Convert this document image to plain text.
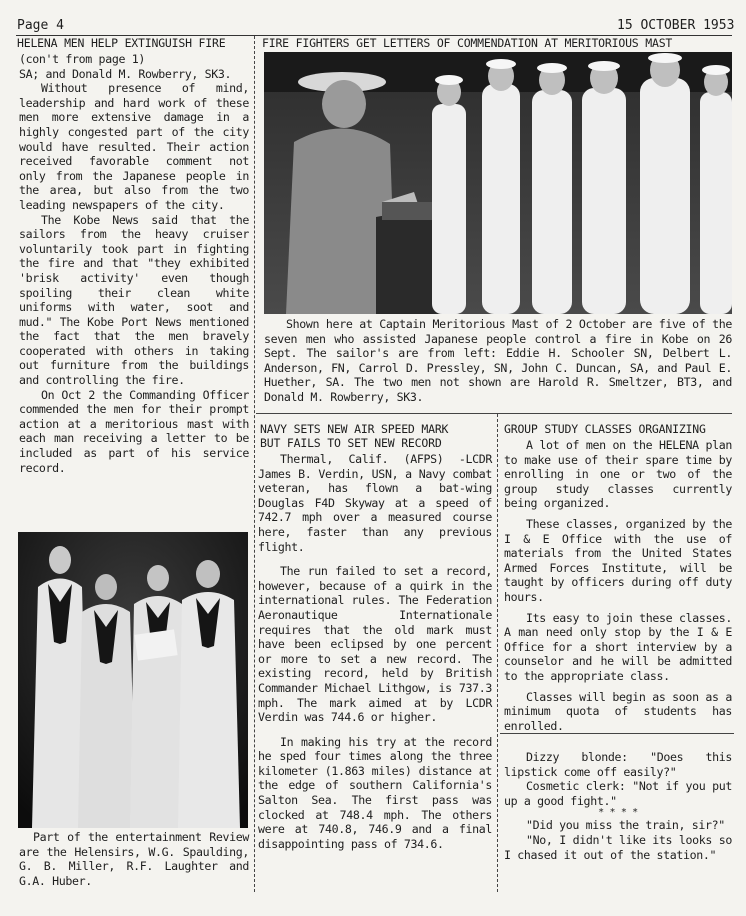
Page 4	15 OCTOBER 1953
HELENA MEN HELP EXTINGUISH FIRE

(con't from page 1)

SA; and Donald M. Rowberry, SK3.

Without presence of mind, leadership and hard work of these men more extensive damage in a highly congested part of the city would have resulted. Their action received favorable comment not only from the Japanese people in the area, but also from the two leading newspapers of the city.

The Kobe News said that the sailors from the heavy cruiser voluntarily took part in fighting the fire and that "they exhibited 'brisk activity' even though spoiling their clean white uniforms with water, soot and mud." The Kobe Port News mentioned the fact that the men bravely cooperated with others in taking out furniture from the buildings and controlling the fire.

On Oct 2 the Commanding Officer commended the men for their prompt action at a meritorious mast with each man receiving a letter to be included as part of his service record.

Part of the entertainment Review are the Helensirs, W.G. Spaulding, G. B. Miller, R.F. Laughter and G.A. Huber.

FIRE FIGHTERS GET LETTERS OF COMMENDATION AT MERITORIOUS MAST

Shown here at Captain Meritorious Mast of 2 October are five of the seven men who assisted Japanese people control a fire in Kobe on 26 Sept. The sailor's are from left: Eddie H. Schooler SN, Delbert L. Anderson, FN, Carrol D. Pressley, SN, John C. Duncan, SA, and Paul E. Huether, SA. The two men not shown are Harold R. Smeltzer, BT3, and Donald M. Rowberry, SK3.

NAVY SETS NEW AIR SPEED MARK
BUT FAILS TO SET NEW RECORD

Thermal, Calif. (AFPS) -LCDR James B. Verdin, USN, a Navy combat veteran, has flown a bat-wing Douglas F4D Skyway at a speed of 742.7 mph over a measured course here, faster than any previous flight.

The run failed to set a record, however, because of a quirk in the international rules. The Federation Aeronautique Internationale requires that the old mark must have been eclipsed by one percent or more to set a new record. The existing record, held by British Commander Michael Lithgow, is 737.3 mph. The mark aimed at by LCDR Verdin was 744.6 or higher.

In making his try at the record he sped four times along the three kilometer (1.863 miles) distance at the edge of southern California's Salton Sea. The first pass was clocked at 748.4 mph. The others were at 740.8, 746.9 and a final disappointing pass of 734.6.

GROUP STUDY CLASSES ORGANIZING

A lot of men on the HELENA plan to make use of their spare time by enrolling in one or two of the group study classes currently being organized.

These classes, organized by the I & E Office with the use of materials from the United States Armed Forces Institute, will be taught by officers during off duty hours.

Its easy to join these classes. A man need only stop by the I & E Office for a short interview by a counselor and he will be admitted to the appropriate class.

Classes will begin as soon as a minimum quota of students has enrolled.

Dizzy blonde: "Does this lipstick come off easily?"

Cosmetic clerk: "Not if you put up a good fight."

* * * *

"Did you miss the train, sir?"

"No, I didn't like its looks so I chased it out of the station."
